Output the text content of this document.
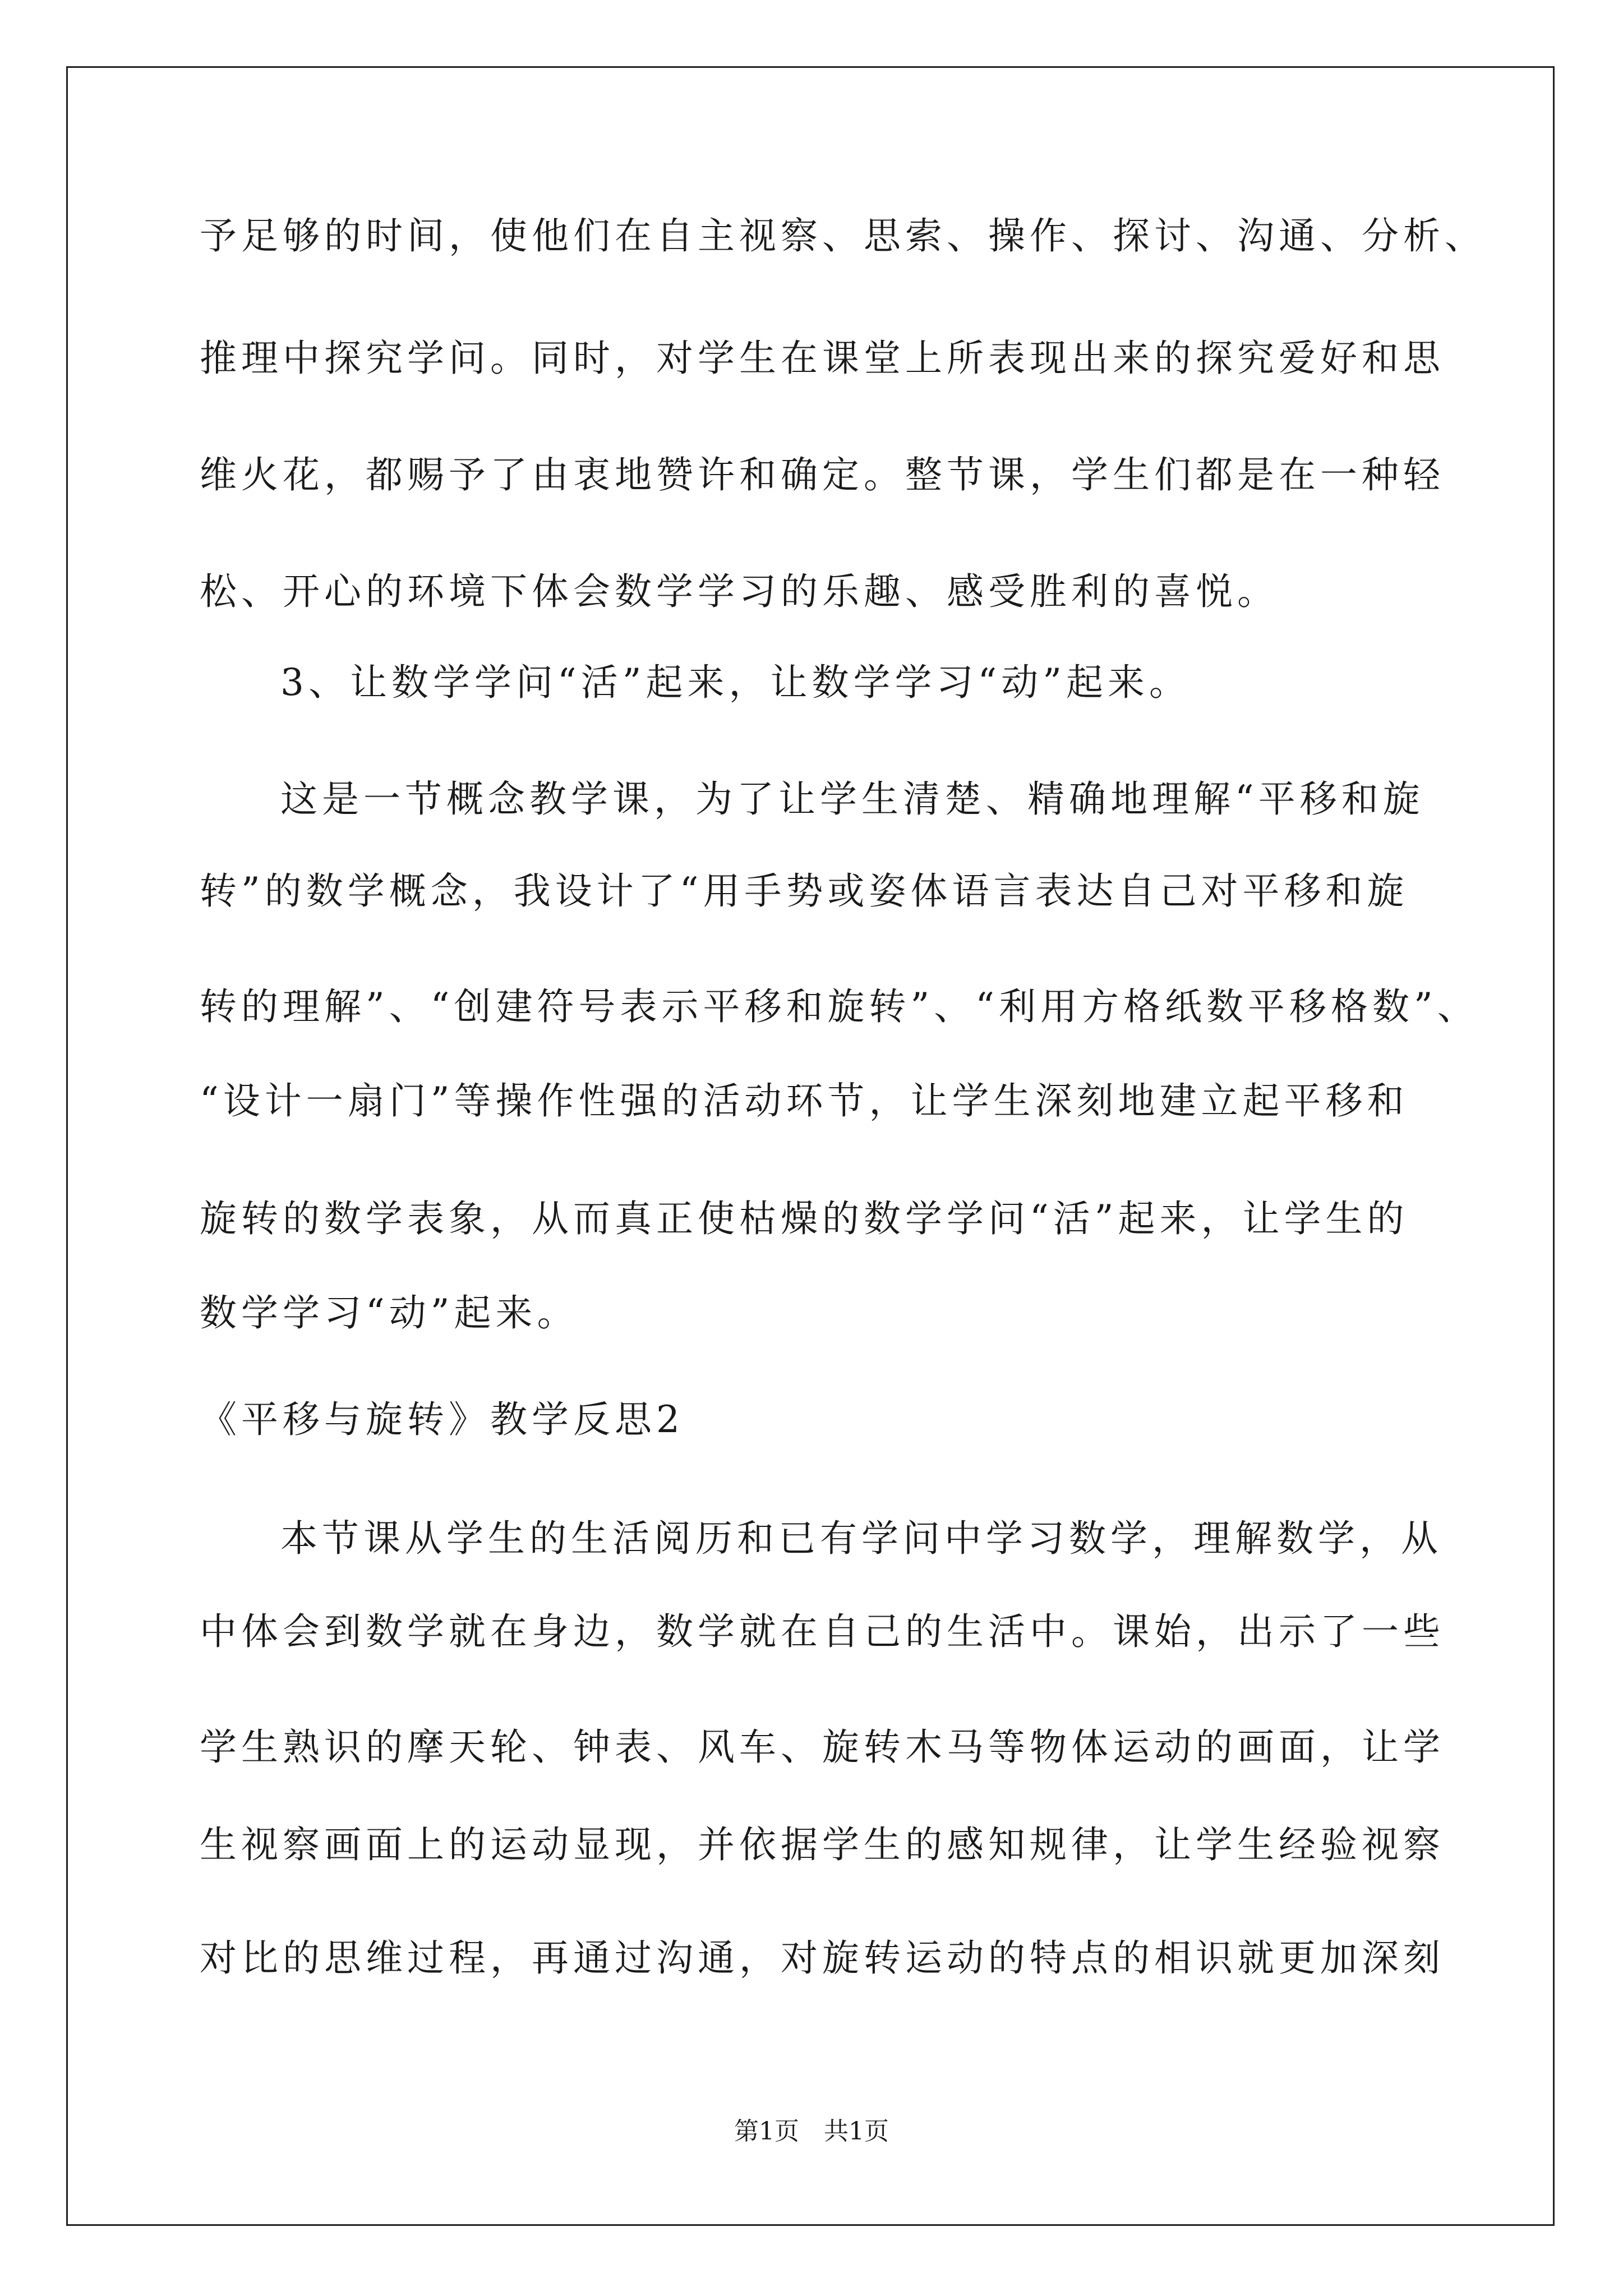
予足够的时间，使他们在自主视察、思索、操作、探讨、沟通、分析、
推理中探究学问。同时，对学生在课堂上所表现出来的探究爱好和思
维火花，都赐予了由衷地赞许和确定。整节课，学生们都是在一种轻
松、开心的环境下体会数学学习的乐趣、感受胜利的喜悦。
3、让数学学问“活”起来，让数学学习“动”起来。
这是一节概念教学课，为了让学生清楚、精确地理解“平移和旋
转”的数学概念，我设计了“用手势或姿体语言表达自己对平移和旋
转的理解”、“创建符号表示平移和旋转”、“利用方格纸数平移格数”、
“设计一扇门”等操作性强的活动环节，让学生深刻地建立起平移和
旋转的数学表象，从而真正使枯燥的数学学问“活”起来，让学生的
数学学习“动”起来。
《平移与旋转》教学反思2
本节课从学生的生活阅历和已有学问中学习数学，理解数学，从
中体会到数学就在身边，数学就在自己的生活中。课始，出示了一些
学生熟识的摩天轮、钟表、风车、旋转木马等物体运动的画面，让学
生视察画面上的运动显现，并依据学生的感知规律，让学生经验视察
对比的思维过程，再通过沟通，对旋转运动的特点的相识就更加深刻
第1页　共1页
